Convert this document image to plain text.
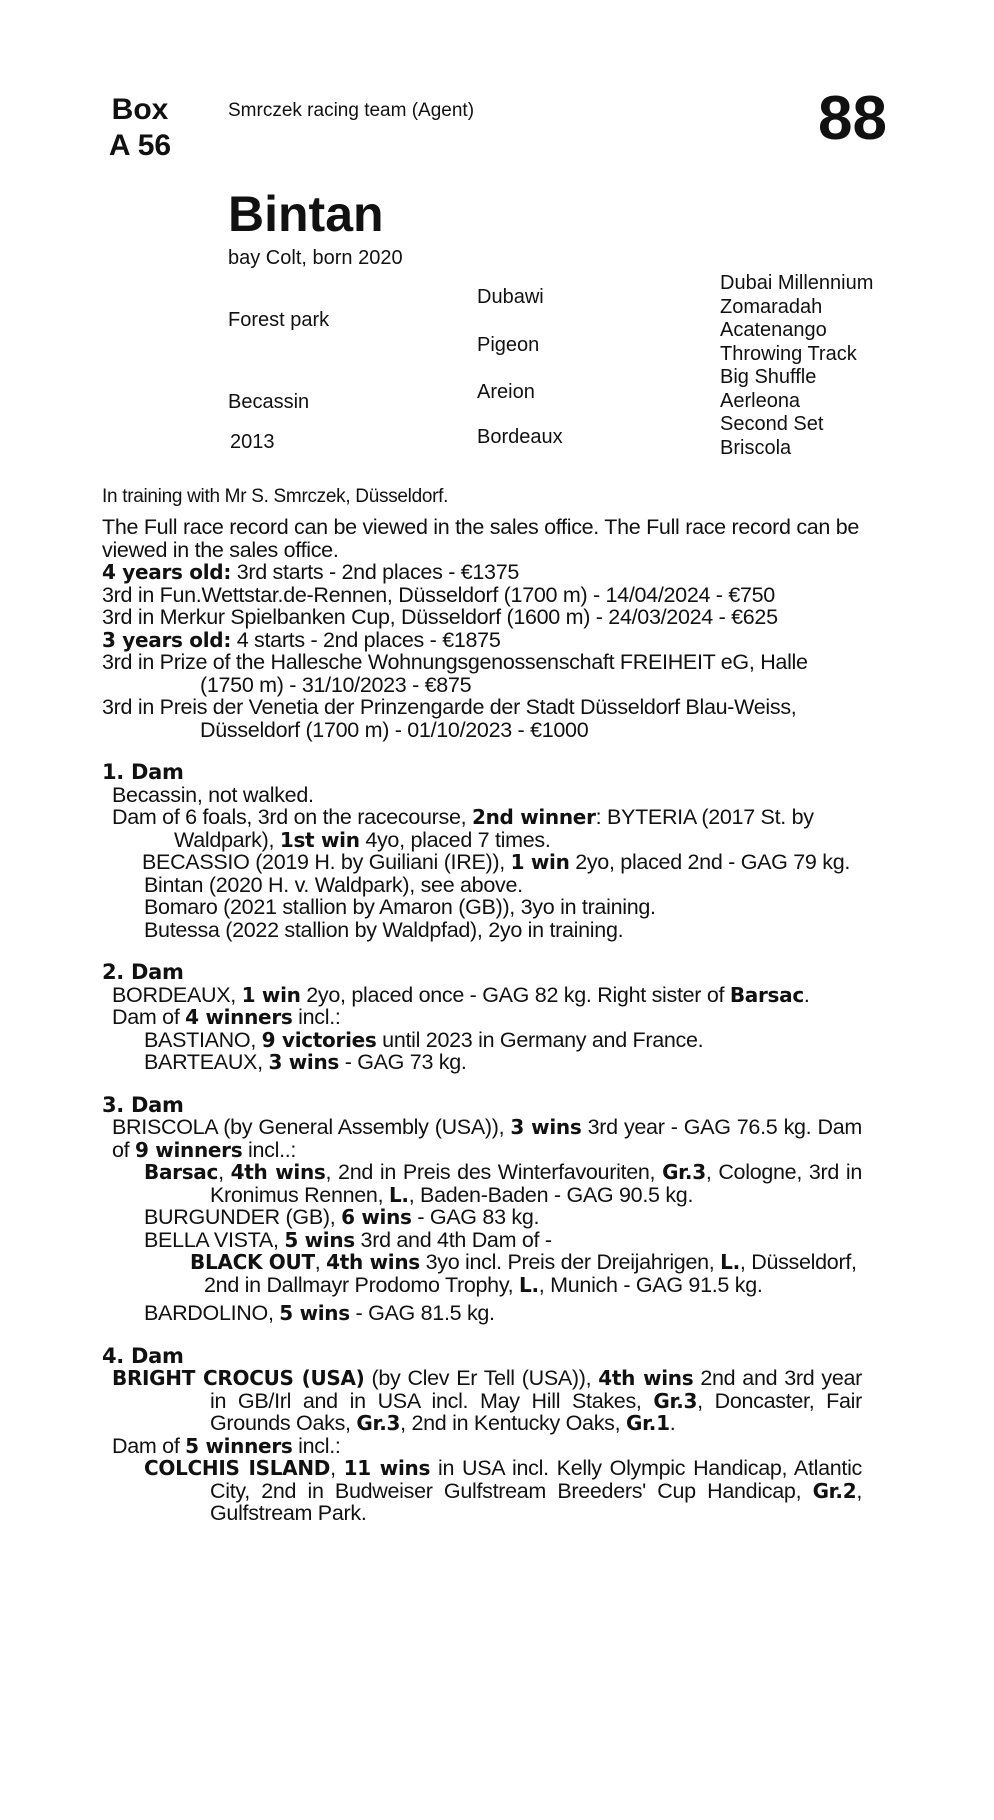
Box
A 56
Smrczek racing team (Agent)	88
Bintan
bay Colt, born 2020
Forest park
Becassin
2013
Dubawi
Pigeon
Areion
Bordeaux
Dubai Millennium
Zomaradah
Acatenango
Throwing Track
Big Shuffle
Aerleona
Second Set
Briscola
In training with Mr S. Smrczek, Düsseldorf.

The Full race record can be viewed in the sales office. The Full race record can be viewed in the sales office.

4 years old: 3rd starts - 2nd places - €1375

3rd in Fun.Wettstar.de-Rennen, Düsseldorf (1700 m) - 14/04/2024 - €750

3rd in Merkur Spielbanken Cup, Düsseldorf (1600 m) - 24/03/2024 - €625

3 years old: 4 starts - 2nd places - €1875

3rd in Prize of the Hallesche Wohnungsgenossenschaft FREIHEIT eG, Halle (1750 m) - 31/10/2023 - €875

3rd in Preis der Venetia der Prinzengarde der Stadt Düsseldorf Blau-Weiss, Düsseldorf (1700 m) - 01/10/2023 - €1000

1. Dam

Becassin, not walked.

Dam of 6 foals, 3rd on the racecourse, 2nd winner: BYTERIA (2017 St. by Waldpark), 1st win 4yo, placed 7 times.

BECASSIO (2019 H. by Guiliani (IRE)), 1 win 2yo, placed 2nd - GAG 79 kg.

Bintan (2020 H. v. Waldpark), see above.

Bomaro (2021 stallion by Amaron (GB)), 3yo in training.

Butessa (2022 stallion by Waldpfad), 2yo in training.

2. Dam

BORDEAUX, 1 win 2yo, placed once - GAG 82 kg. Right sister of Barsac.

Dam of 4 winners incl.:

BASTIANO, 9 victories until 2023 in Germany and France.

BARTEAUX, 3 wins - GAG 73 kg.

3. Dam

BRISCOLA (by General Assembly (USA)), 3 wins 3rd year - GAG 76.5 kg. Dam of 9 winners incl..:

Barsac, 4th wins, 2nd in Preis des Winterfavouriten, Gr.3, Cologne, 3rd in Kronimus Rennen, L., Baden-Baden - GAG 90.5 kg.

BURGUNDER (GB), 6 wins - GAG 83 kg.

BELLA VISTA, 5 wins 3rd and 4th Dam of -

BLACK OUT, 4th wins 3yo incl. Preis der Dreijahrigen, L., Düsseldorf, 2nd in Dallmayr Prodomo Trophy, L., Munich - GAG 91.5 kg.

BARDOLINO, 5 wins - GAG 81.5 kg.

4. Dam

BRIGHT CROCUS (USA) (by Clev Er Tell (USA)), 4th wins 2nd and 3rd year in GB/Irl and in USA incl. May Hill Stakes, Gr.3, Doncaster, Fair Grounds Oaks, Gr.3, 2nd in Kentucky Oaks, Gr.1.

Dam of 5 winners incl.:

COLCHIS ISLAND, 11 wins in USA incl. Kelly Olympic Handicap, Atlantic City, 2nd in Budweiser Gulfstream Breeders' Cup Handicap, Gr.2, Gulfstream Park.
